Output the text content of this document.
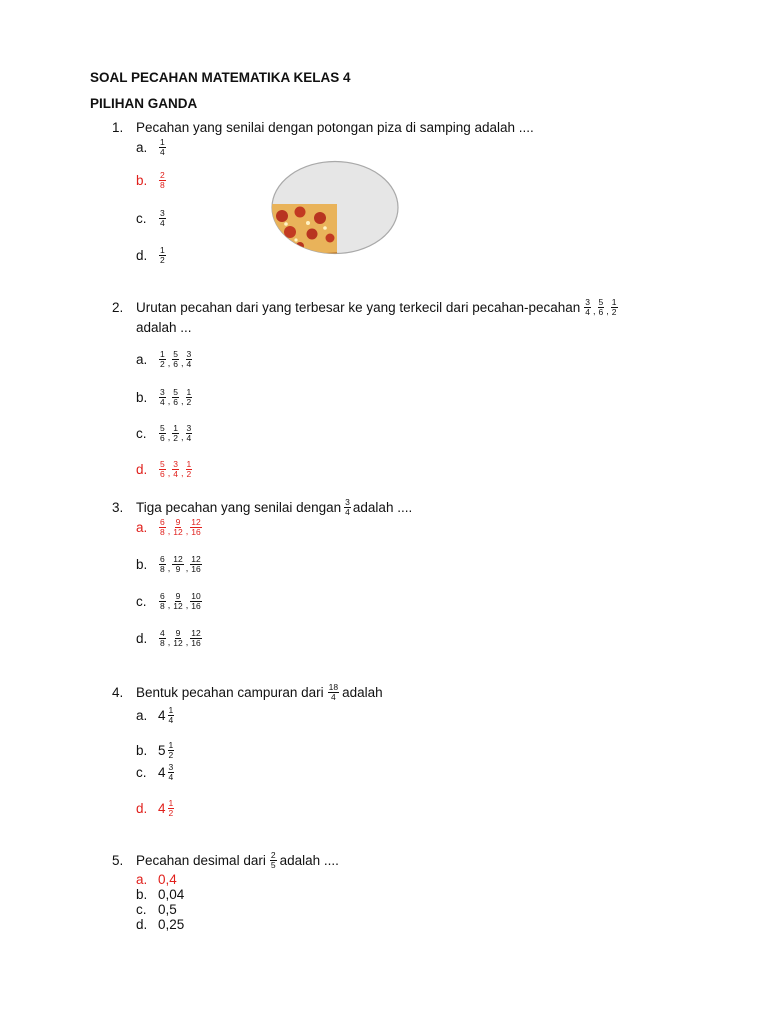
SOAL PECAHAN MATEMATIKA KELAS 4
PILIHAN GANDA
1. Pecahan yang senilai dengan potongan piza di samping adalah ....
a.	$\frac{1}{4}$
b.	$\frac{2}{8}$
c.	$\frac{3}{4}$
d.	$\frac{1}{2}$
2. Urutan pecahan dari yang terbesar ke yang terkecil dari pecahan-pecahan $\frac{3}{4}$ , $\frac{5}{6}$ , $\frac{1}{2}$
adalah ...
a.	$\frac{1}{2}$ , $\frac{5}{6}$ , $\frac{3}{4}$
b.	$\frac{3}{4}$ , $\frac{5}{6}$ , $\frac{1}{2}$
c.	$\frac{5}{6}$ , $\frac{1}{2}$ , $\frac{3}{4}$
d.	$\frac{5}{6}$ , $\frac{3}{4}$ , $\frac{1}{2}$
3. Tiga pecahan yang senilai dengan $\frac{3}{4}$ adalah ....
a.	$\frac{6}{8}$ , $\frac{9}{12}$ , $\frac{12}{16}$
b.	$\frac{6}{8}$ , $\frac{12}{9}$ , $\frac{12}{16}$
c.	$\frac{6}{8}$ , $\frac{9}{12}$ , $\frac{10}{16}$
d.	$\frac{4}{8}$ , $\frac{9}{12}$ , $\frac{12}{16}$
4. Bentuk pecahan campuran dari $\frac{18}{4}$ adalah
a. $4 \frac{1}{4}$
b. $5 \frac{1}{2}$
c. $4 \frac{3}{4}$
d. $4 \frac{1}{2}$
5. Pecahan desimal dari $\frac{2}{5}$ adalah ....
a. 0,4
b. 0,04
c. 0,5
d. 0,25
